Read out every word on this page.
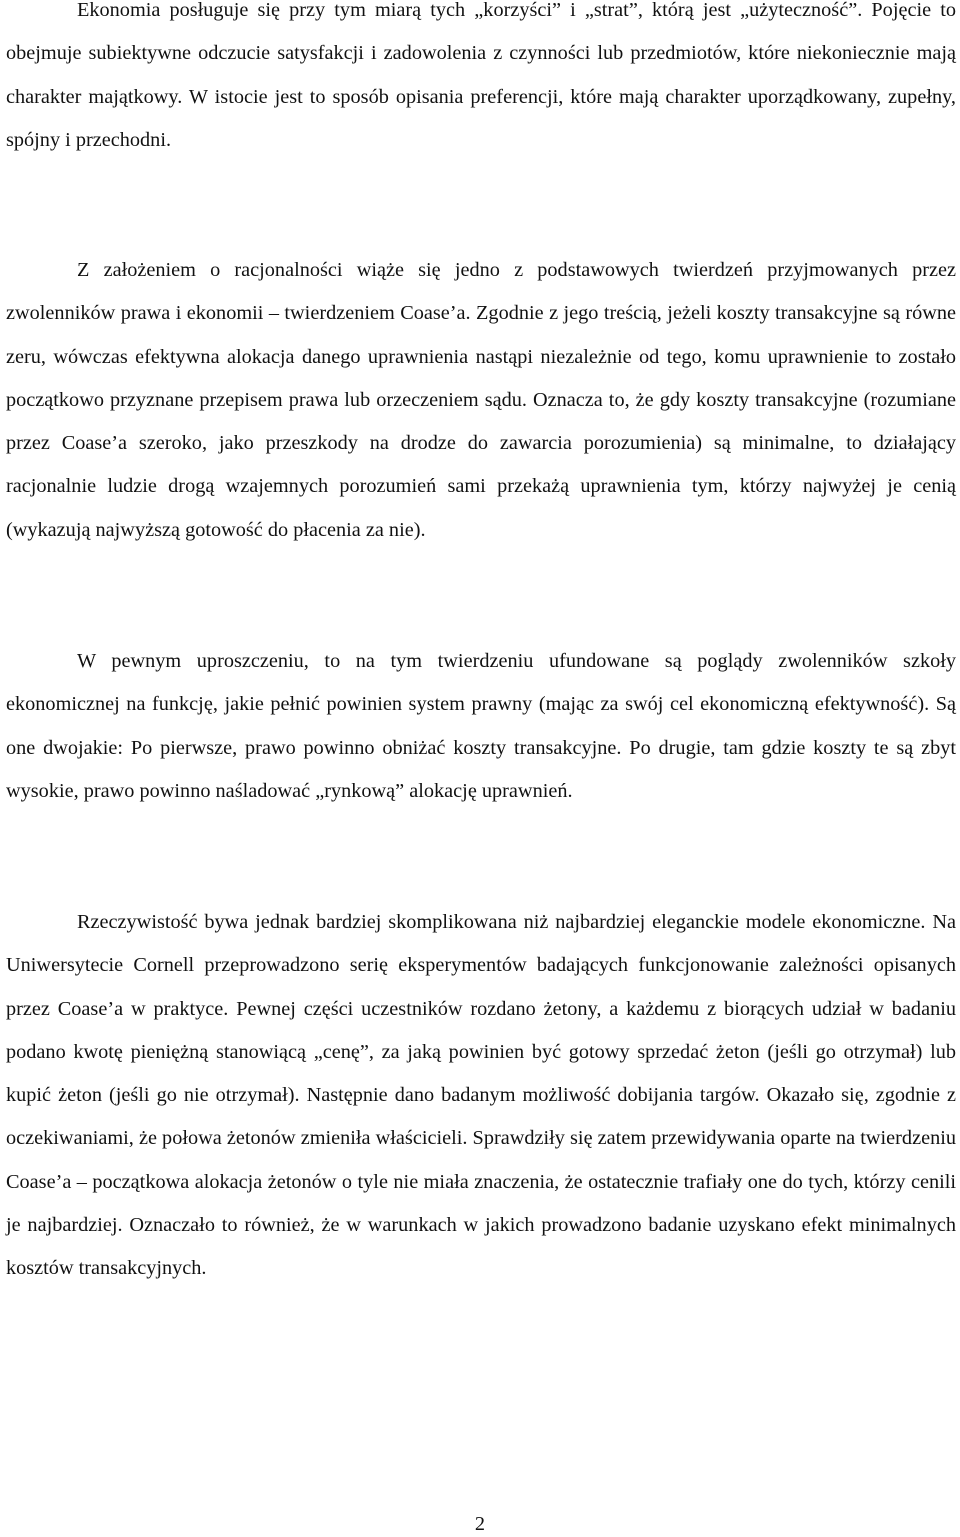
Ekonomia posługuje się przy tym miarą tych „korzyści” i „strat”, którą jest „użyteczność”. Pojęcie to obejmuje subiektywne odczucie satysfakcji i zadowolenia z czynności lub przedmiotów, które niekoniecznie mają charakter majątkowy. W istocie jest to sposób opisania preferencji, które mają charakter uporządkowany, zupełny, spójny i przechodni.

Z założeniem o racjonalności wiąże się jedno z podstawowych twierdzeń przyjmowanych przez zwolenników prawa i ekonomii – twierdzeniem Coase’a. Zgodnie z jego treścią, jeżeli koszty transakcyjne są równe zeru, wówczas efektywna alokacja danego uprawnienia nastąpi niezależnie od tego, komu uprawnienie to zostało początkowo przyznane przepisem prawa lub orzeczeniem sądu. Oznacza to, że gdy koszty transakcyjne (rozumiane przez Coase’a szeroko, jako przeszkody na drodze do zawarcia porozumienia) są minimalne, to działający racjonalnie ludzie drogą wzajemnych porozumień sami przekażą uprawnienia tym, którzy najwyżej je cenią (wykazują najwyższą gotowość do płacenia za nie).

W pewnym uproszczeniu, to na tym twierdzeniu ufundowane są poglądy zwolenników szkoły ekonomicznej na funkcję, jakie pełnić powinien system prawny (mając za swój cel ekonomiczną efektywność). Są one dwojakie: Po pierwsze, prawo powinno obniżać koszty transakcyjne. Po drugie, tam gdzie koszty te są zbyt wysokie, prawo powinno naśladować „rynkową” alokację uprawnień.

Rzeczywistość bywa jednak bardziej skomplikowana niż najbardziej eleganckie modele ekonomiczne. Na Uniwersytecie Cornell przeprowadzono serię eksperymentów badających funkcjonowanie zależności opisanych przez Coase’a w praktyce. Pewnej części uczestników rozdano żetony, a każdemu z biorących udział w badaniu podano kwotę pieniężną stanowiącą „cenę”, za jaką powinien być gotowy sprzedać żeton (jeśli go otrzymał) lub kupić żeton (jeśli go nie otrzymał). Następnie dano badanym możliwość dobijania targów. Okazało się, zgodnie z oczekiwaniami, że połowa żetonów zmieniła właścicieli. Sprawdziły się zatem przewidywania oparte na twierdzeniu Coase’a – początkowa alokacja żetonów o tyle nie miała znaczenia, że ostatecznie trafiały one do tych, którzy cenili je najbardziej. Oznaczało to również, że w warunkach w jakich prowadzono badanie uzyskano efekt minimalnych kosztów transakcyjnych.

2
